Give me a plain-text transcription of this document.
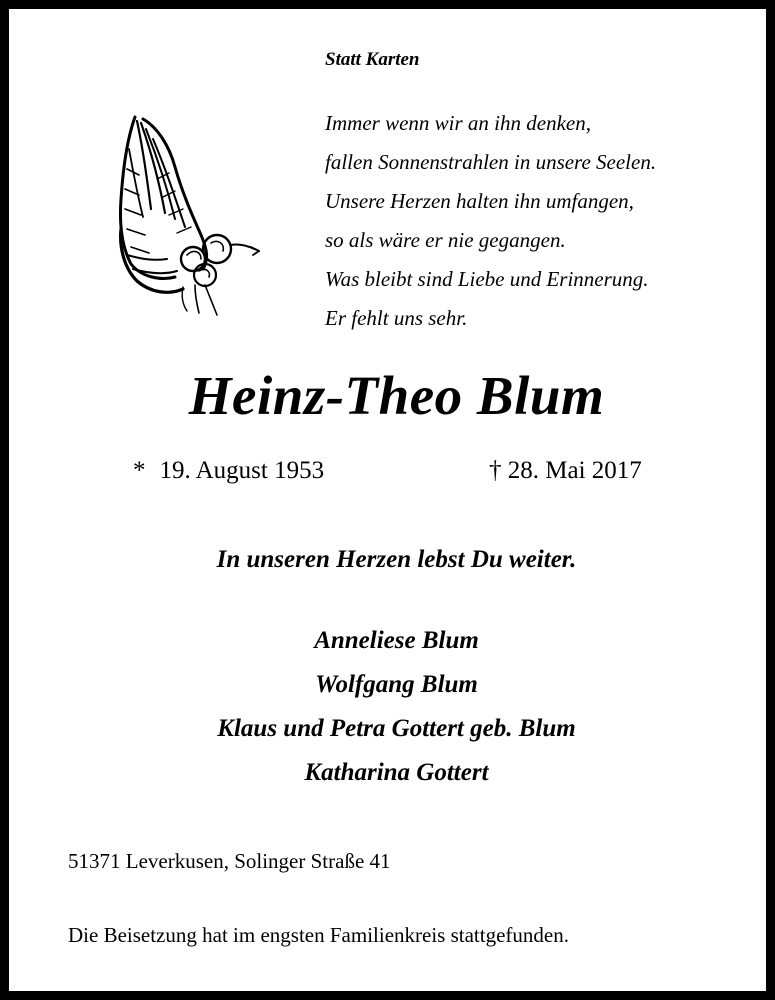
Statt Karten
Immer wenn wir an ihn denken,
fallen Sonnenstrahlen in unsere Seelen.
Unsere Herzen halten ihn umfangen,
so als wäre er nie gegangen.
Was bleibt sind Liebe und Erinnerung.
Er fehlt uns sehr.
Heinz-Theo Blum
* 19. August 1953	† 28. Mai 2017
In unseren Herzen lebst Du weiter.
Anneliese Blum
Wolfgang Blum
Klaus und Petra Gottert geb. Blum
Katharina Gottert
51371 Leverkusen, Solinger Straße 41
Die Beisetzung hat im engsten Familienkreis stattgefunden.
